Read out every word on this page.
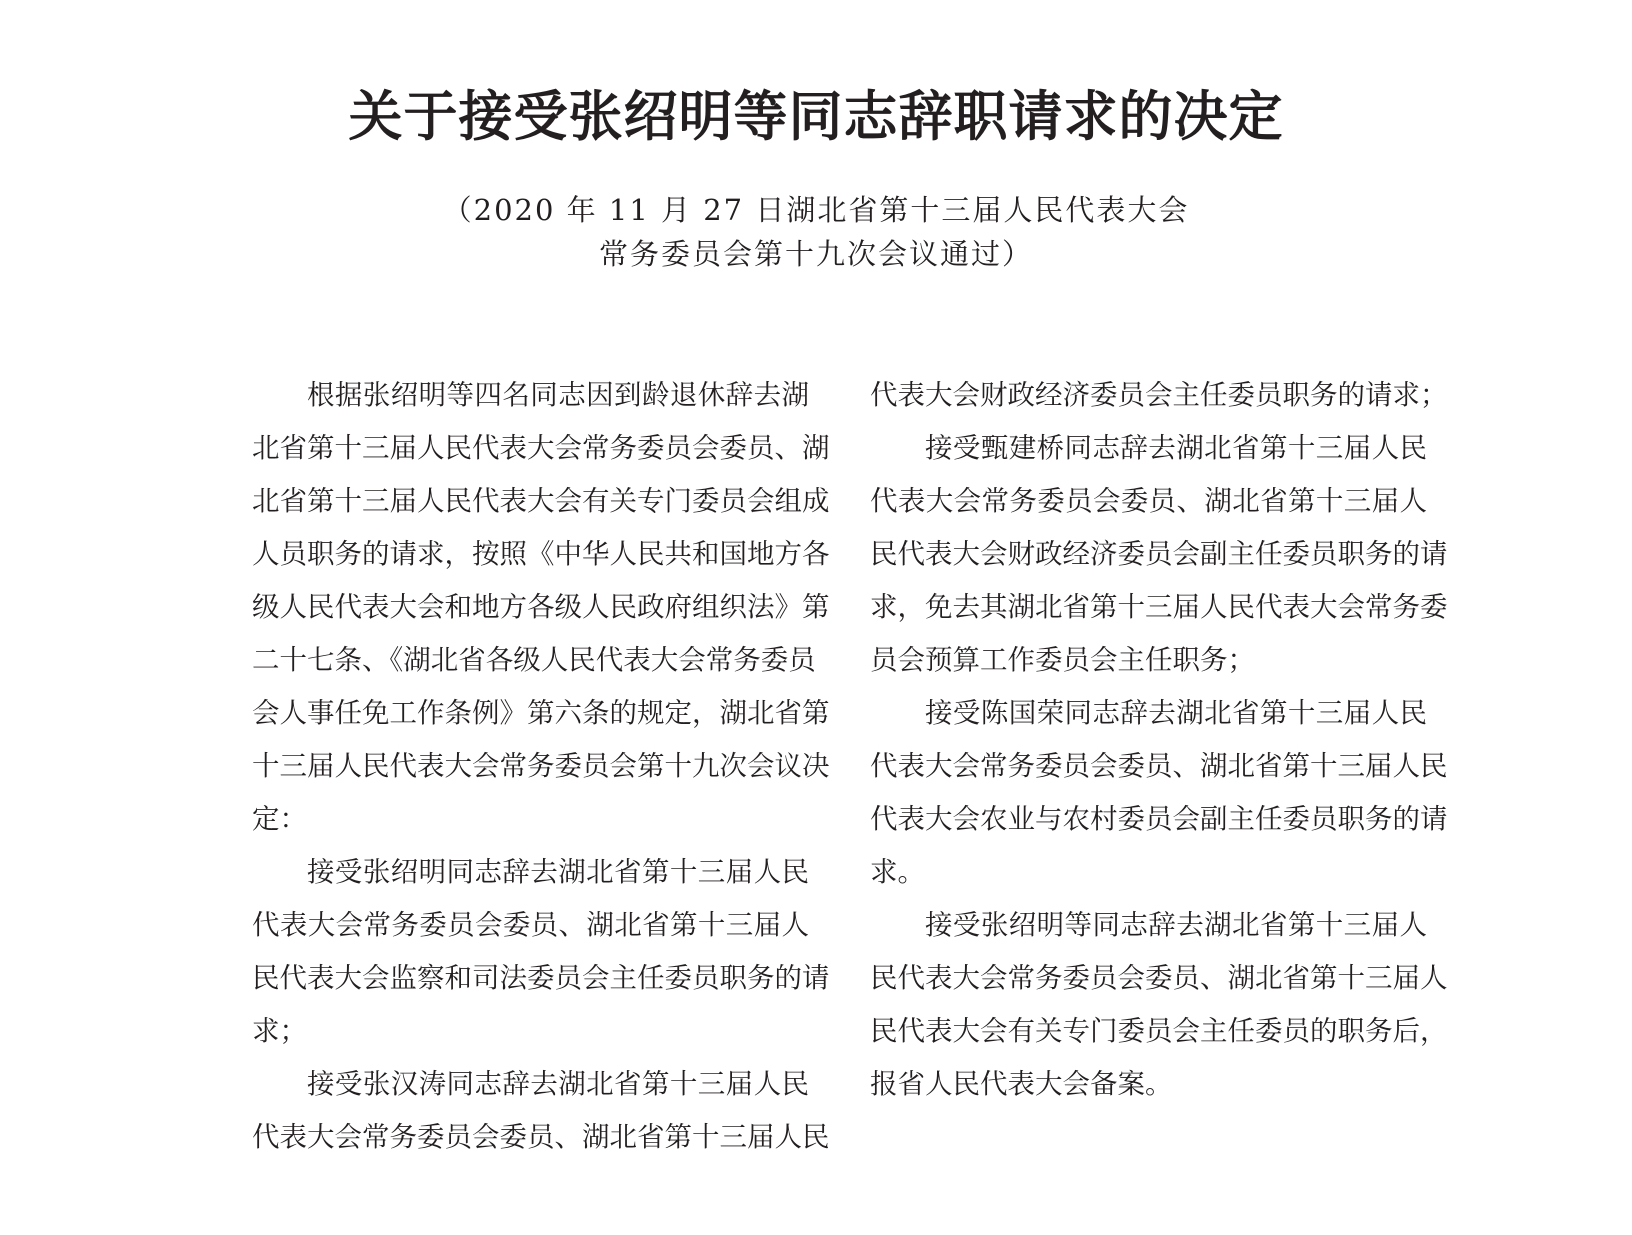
关于接受张绍明等同志辞职请求的决定
（2020 年 11 月 27 日湖北省第十三届人民代表大会
常务委员会第十九次会议通过）
根据张绍明等四名同志因到龄退休辞去湖
北省第十三届人民代表大会常务委员会委员、湖
北省第十三届人民代表大会有关专门委员会组成
人员职务的请求，按照《中华人民共和国地方各
级人民代表大会和地方各级人民政府组织法》第
二十七条、《湖北省各级人民代表大会常务委员
会人事任免工作条例》第六条的规定，湖北省第
十三届人民代表大会常务委员会第十九次会议决
定：
接受张绍明同志辞去湖北省第十三届人民
代表大会常务委员会委员、湖北省第十三届人
民代表大会监察和司法委员会主任委员职务的请
求；
接受张汉涛同志辞去湖北省第十三届人民
代表大会常务委员会委员、湖北省第十三届人民
代表大会财政经济委员会主任委员职务的请求；
接受甄建桥同志辞去湖北省第十三届人民
代表大会常务委员会委员、湖北省第十三届人
民代表大会财政经济委员会副主任委员职务的请
求，免去其湖北省第十三届人民代表大会常务委
员会预算工作委员会主任职务；
接受陈国荣同志辞去湖北省第十三届人民
代表大会常务委员会委员、湖北省第十三届人民
代表大会农业与农村委员会副主任委员职务的请
求。
接受张绍明等同志辞去湖北省第十三届人
民代表大会常务委员会委员、湖北省第十三届人
民代表大会有关专门委员会主任委员的职务后，
报省人民代表大会备案。
